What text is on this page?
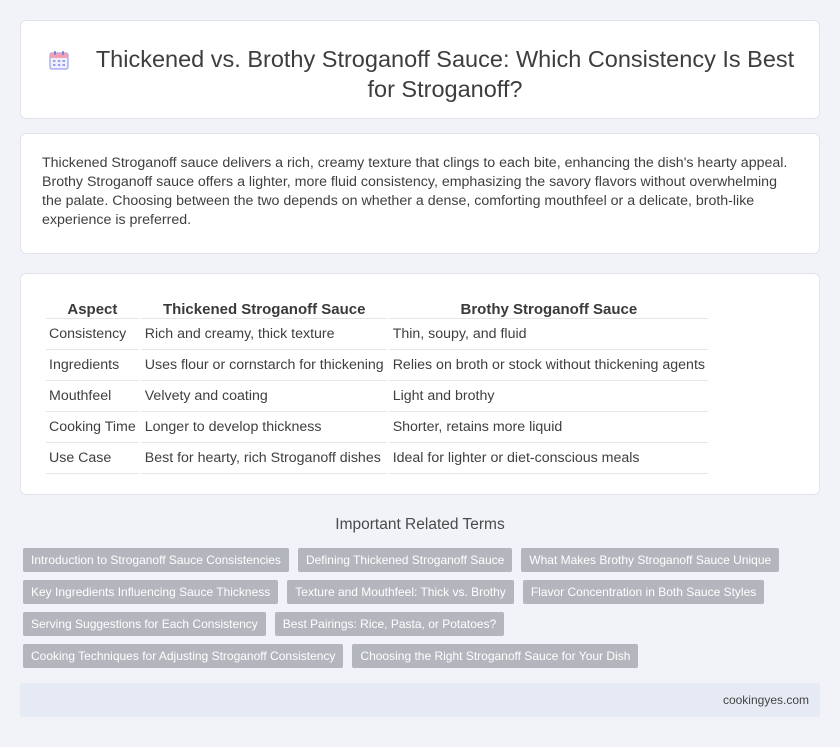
Thickened vs. Brothy Stroganoff Sauce: Which Consistency Is Best for Stroganoff?

Thickened Stroganoff sauce delivers a rich, creamy texture that clings to each bite, enhancing the dish's hearty appeal. Brothy Stroganoff sauce offers a lighter, more fluid consistency, emphasizing the savory flavors without overwhelming the palate. Choosing between the two depends on whether a dense, comforting mouthfeel or a delicate, broth-like experience is preferred.

Aspect	Thickened Stroganoff Sauce	Brothy Stroganoff Sauce
Consistency	Rich and creamy, thick texture	Thin, soupy, and fluid
Ingredients	Uses flour or cornstarch for thickening	Relies on broth or stock without thickening agents
Mouthfeel	Velvety and coating	Light and brothy
Cooking Time	Longer to develop thickness	Shorter, retains more liquid
Use Case	Best for hearty, rich Stroganoff dishes	Ideal for lighter or diet-conscious meals
Important Related Terms
Introduction to Stroganoff Sauce Consistencies	Defining Thickened Stroganoff Sauce	What Makes Brothy Stroganoff Sauce Unique
Key Ingredients Influencing Sauce Thickness	Texture and Mouthfeel: Thick vs. Brothy	Flavor Concentration in Both Sauce Styles
Serving Suggestions for Each Consistency	Best Pairings: Rice, Pasta, or Potatoes?
Cooking Techniques for Adjusting Stroganoff Consistency	Choosing the Right Stroganoff Sauce for Your Dish
cookingyes.com
